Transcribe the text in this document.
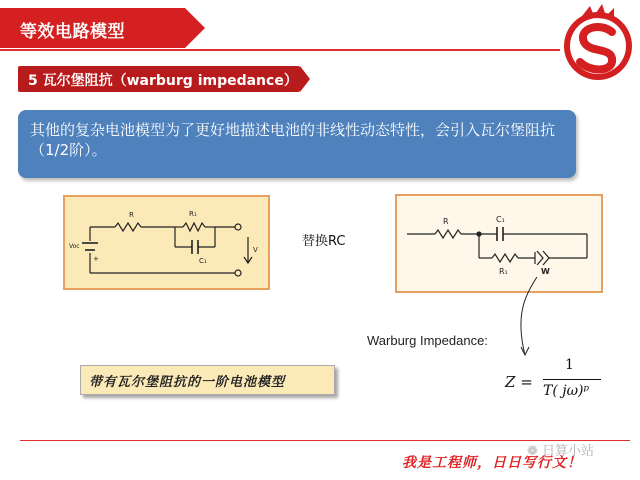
等效电路模型
5 瓦尔堡阻抗（warburg impedance）
其他的复杂电池模型为了更好地描述电池的非线性动态特性，会引入瓦尔堡阻抗（1/2阶）。
R	R₁
C₁
Voc	V
+
替换RC
R	C₁
R₁	W
Warburg Impedance:
Z =
1
T( jω)ᵖ
带有瓦尔堡阻抗的一阶电池模型
❁ 日算小站
我是工程师，日日写行文！
